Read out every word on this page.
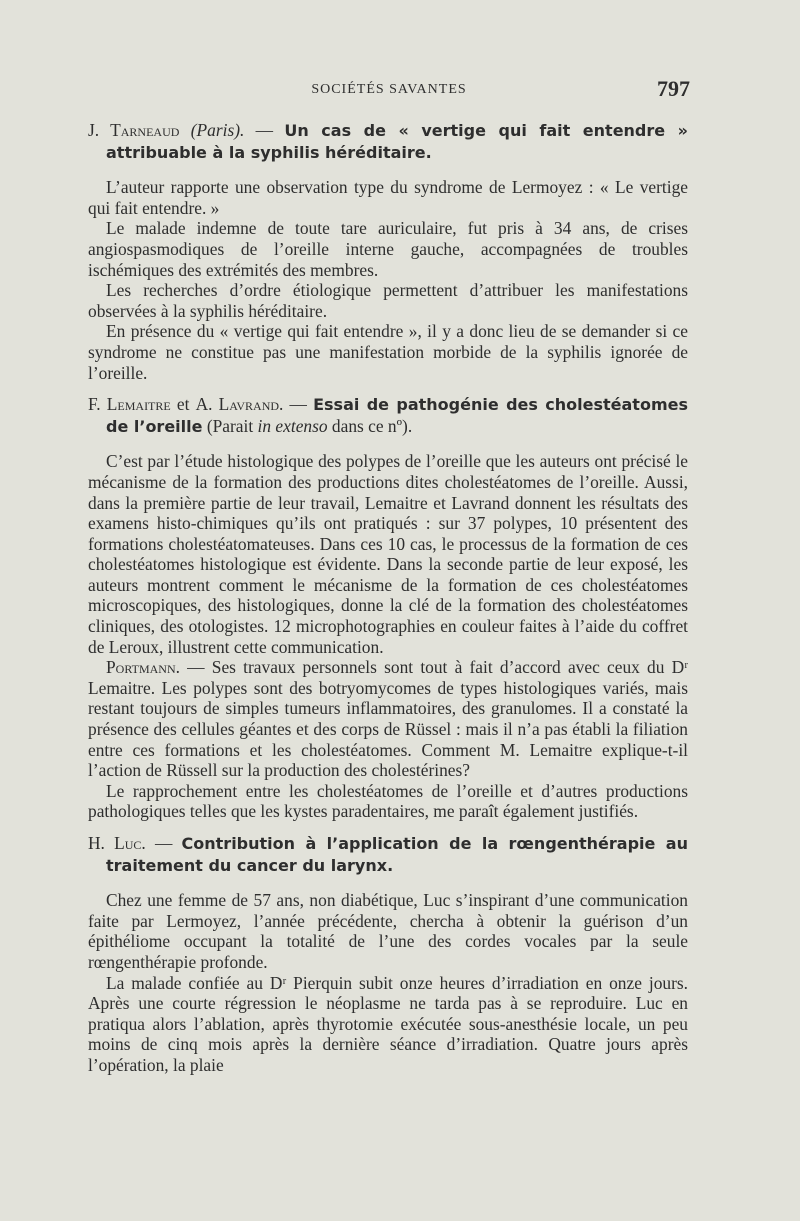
SOCIÉTÉS SAVANTES	797

J. Tarneaud (Paris). — Un cas de « vertige qui fait entendre » attribuable à la syphilis héréditaire.

L’auteur rapporte une observation type du syndrome de Lermoyez : « Le vertige qui fait entendre. »

Le malade indemne de toute tare auriculaire, fut pris à 34 ans, de crises angiospasmodiques de l’oreille interne gauche, accompagnées de troubles ischémiques des extrémités des membres.

Les recherches d’ordre étiologique permettent d’attribuer les manifestations observées à la syphilis héréditaire.

En présence du « vertige qui fait entendre », il y a donc lieu de se demander si ce syndrome ne constitue pas une manifestation morbide de la syphilis ignorée de l’oreille.

F. Lemaitre et A. Lavrand. — Essai de pathogénie des cholestéatomes de l’oreille (Parait in extenso dans ce nº).

C’est par l’étude histologique des polypes de l’oreille que les auteurs ont précisé le mécanisme de la formation des productions dites cholestéatomes de l’oreille. Aussi, dans la première partie de leur travail, Lemaitre et Lavrand donnent les résultats des examens histo-chimiques qu’ils ont pratiqués : sur 37 polypes, 10 présentent des formations cholestéatomateuses. Dans ces 10 cas, le processus de la formation de ces cholestéatomes histologique est évidente. Dans la seconde partie de leur exposé, les auteurs montrent comment le mécanisme de la formation de ces cholestéatomes microscopiques, des histologiques, donne la clé de la formation des cholestéatomes cliniques, des otologistes. 12 microphotographies en couleur faites à l’aide du coffret de Leroux, illustrent cette communication.

Portmann. — Ses travaux personnels sont tout à fait d’accord avec ceux du Dʳ Lemaitre. Les polypes sont des botryomycomes de types histologiques variés, mais restant toujours de simples tumeurs inflammatoires, des granulomes. Il a constaté la présence des cellules géantes et des corps de Rüssel : mais il n’a pas établi la filiation entre ces formations et les cholestéatomes. Comment M. Lemaitre explique-t-il l’action de Rüssell sur la production des cholestérines?

Le rapprochement entre les cholestéatomes de l’oreille et d’autres productions pathologiques telles que les kystes paradentaires, me paraît également justifiés.

H. Luc. — Contribution à l’application de la rœngenthérapie au traitement du cancer du larynx.

Chez une femme de 57 ans, non diabétique, Luc s’inspirant d’une communication faite par Lermoyez, l’année précédente, chercha à obtenir la guérison d’un épithéliome occupant la totalité de l’une des cordes vocales par la seule rœngenthérapie profonde.

La malade confiée au Dʳ Pierquin subit onze heures d’irradiation en onze jours. Après une courte régression le néoplasme ne tarda pas à se reproduire. Luc en pratiqua alors l’ablation, après thyrotomie exécutée sous-anesthésie locale, un peu moins de cinq mois après la dernière séance d’irradiation. Quatre jours après l’opération, la plaie
